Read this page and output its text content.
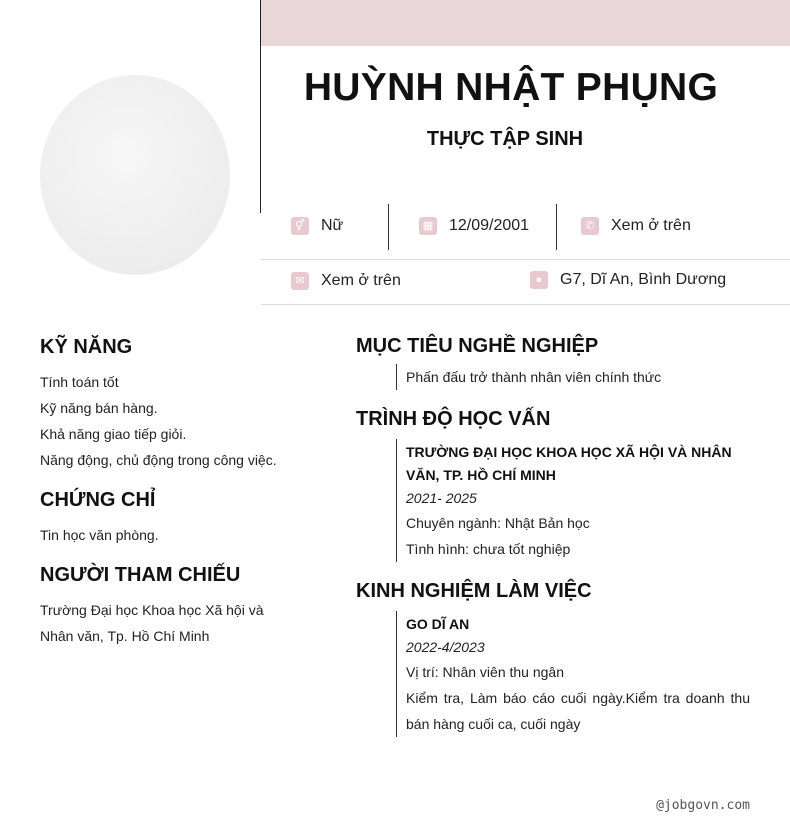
HUỲNH NHẬT PHỤNG
THỰC TẬP SINH
⚥ Nữ	▦ 12/09/2001	✆ Xem ở trên
✉ Xem ở trên	●	G7, Dĩ An, Bình Dương
KỸ NĂNG
Tính toán tốt
Kỹ năng bán hàng.
Khả năng giao tiếp giỏi.
Năng động, chủ động trong công việc.
CHỨNG CHỈ
Tin học văn phòng.
NGƯỜI THAM CHIẾU
Trường Đại học Khoa học Xã hội và Nhân văn, Tp. Hồ Chí Minh
MỤC TIÊU NGHỀ NGHIỆP
Phấn đấu trở thành nhân viên chính thức
TRÌNH ĐỘ HỌC VẤN
TRƯỜNG ĐẠI HỌC KHOA HỌC XÃ HỘI VÀ NHÂN VĂN, TP. HỒ CHÍ MINH
2021- 2025
Chuyên ngành: Nhật Bản học
Tình hình: chưa tốt nghiệp
KINH NGHIỆM LÀM VIỆC
GO DĨ AN
2022-4/2023
Vị trí: Nhân viên thu ngân
Kiểm tra, Làm báo cáo cuối ngày.Kiểm tra doanh thu bán hàng cuối ca, cuối ngày
@jobgovn.com
